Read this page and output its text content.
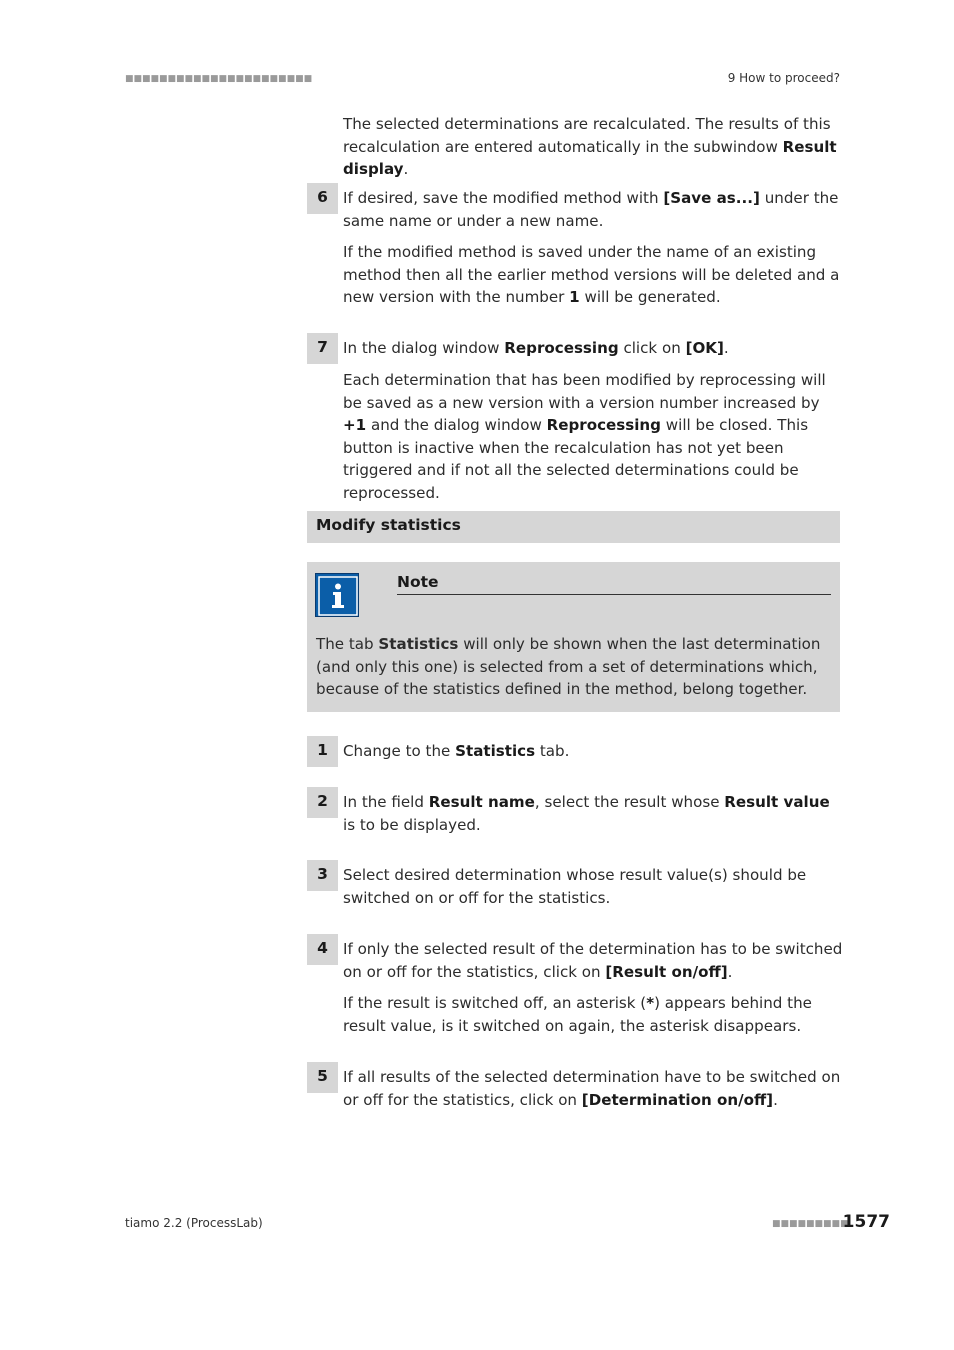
■■■■■■■■■■■■■■■■■■■■■■	9 How to proceed?

The selected determinations are recalculated. The results of this recalculation are entered automatically in the subwindow Result display.

6	If desired, save the modified method with [Save as...] under the same name or under a new name.

If the modified method is saved under the name of an existing method then all the earlier method versions will be deleted and a new version with the number 1 will be generated.

7	In the dialog window Reprocessing click on [OK].

Each determination that has been modified by reprocessing will be saved as a new version with a version number increased by +1 and the dialog window Reprocessing will be closed. This button is inactive when the recalculation has not yet been triggered and if not all the selected determinations could be reprocessed.

Modify statistics
Note

The tab Statistics will only be shown when the last determination (and only this one) is selected from a set of determinations which, because of the statistics defined in the method, belong together.

1	Change to the Statistics tab.

2	In the field Result name, select the result whose Result value is to be displayed.

3	Select desired determination whose result value(s) should be switched on or off for the statistics.

4	If only the selected result of the determination has to be switched on or off for the statistics, click on [Result on/off].

If the result is switched off, an asterisk (*) appears behind the result value, is it switched on again, the asterisk disappears.

5	If all results of the selected determination have to be switched on or off for the statistics, click on [Determination on/off].

tiamo 2.2 (ProcessLab)	■■■■■■■■■
1577
